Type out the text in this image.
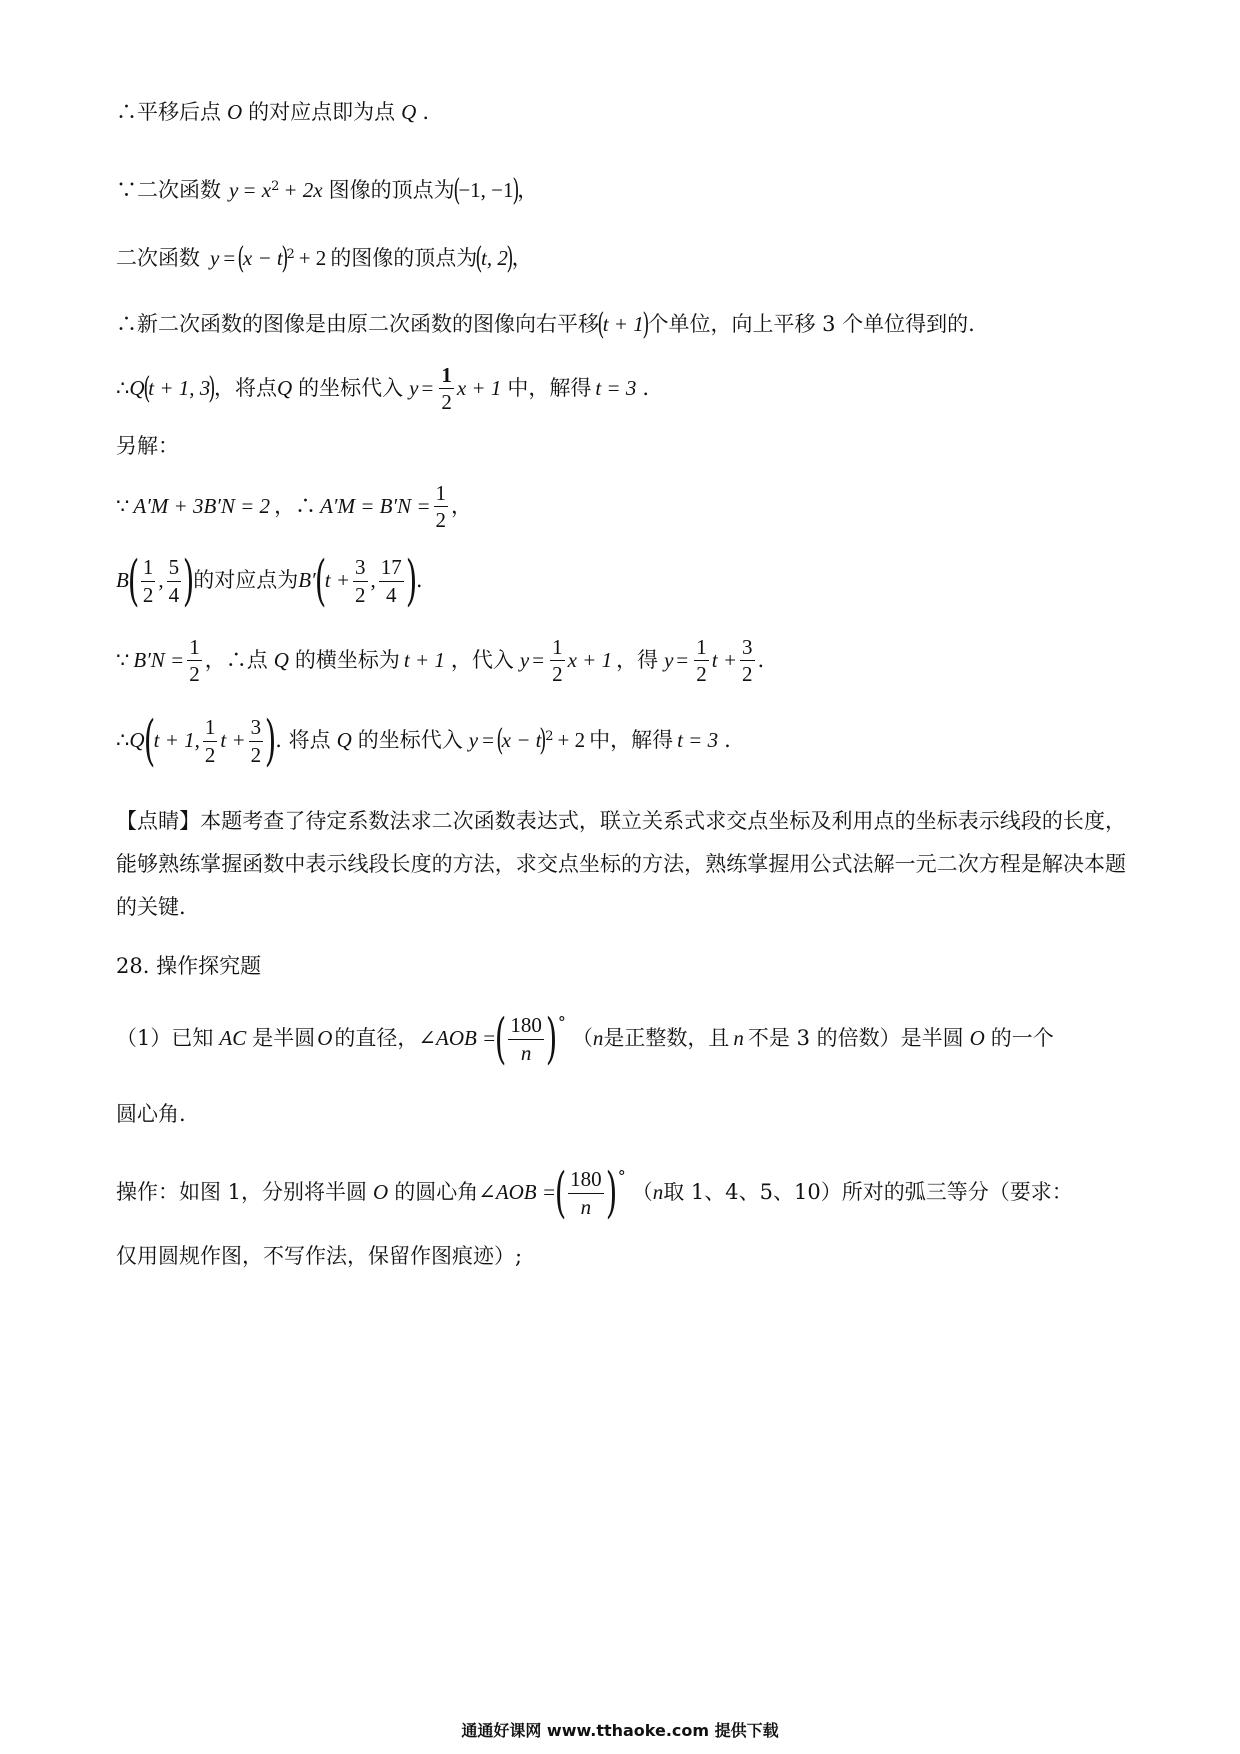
∴平移后点 O 的对应点即为点 Q .
∵二次函数 $y = x^2 + 2x$ 图像的顶点为
(
−1, −1
)
，
二次函数 y = (
x − t
)
$^2$ + 2 的图像的顶点为
(
t, 2
)
，
∴新二次函数的图像是由原二次函数的图像向右平移
(
t + 1
)
个单位，向上平移 3 个单位得到的.
∴ Q
(
t + 1, 3
)
，将点 Q 的坐标代入 $y = \frac{1}{2}$ x + 1 中，解得 t = 3 .
另解：
∵ A′M + 3B′N = 2 ，∴ $A'M = B'N = \frac{1}{2}$ ，
B
( $\frac{1}{2}$ , $\frac{5}{4}$ )
的对应点为 B′
(
$t + \frac{3}{2}$ , $\frac{17}{4}$ )
.
∵ $B'N = \frac{1}{2}$ ，∴点 Q 的横坐标为 t + 1 ，代入 $y = \frac{1}{2}$ x + 1 ，得 $y = \frac{1}{2}$ $t + \frac{3}{2}$ .
∴ Q
(
t + 1 , $\frac{1}{2}$ $t + \frac{3}{2}$ )
. 将点 Q 的坐标代入 y = (
x − t
)
$^2$ + 2 中，解得 t = 3 .
【点睛】本题考查了待定系数法求二次函数表达式，联立关系式求交点坐标及利用点的坐标表示线段的长度，能够熟练掌握函数中表示线段长度的方法，求交点坐标的方法，熟练掌握用公式法解一元二次方程是解决本题的关键.
28. 操作探究题
（1）已知 AC 是半圆 O 的直径， ∠AOB =
( $\frac{180}{n}$ ) °
（ n 是正整数，且 n 不是 3 的倍数）是半圆 O 的一个
圆心角.
操作：如图 1，分别将半圆 O 的圆心角 ∠AOB =
( $\frac{180}{n}$ ) °
（ n 取 1、4、5、10）所对的弧三等分（要求：
仅用圆规作图，不写作法，保留作图痕迹）;
通通好课网 www.tthaoke.com 提供下载
